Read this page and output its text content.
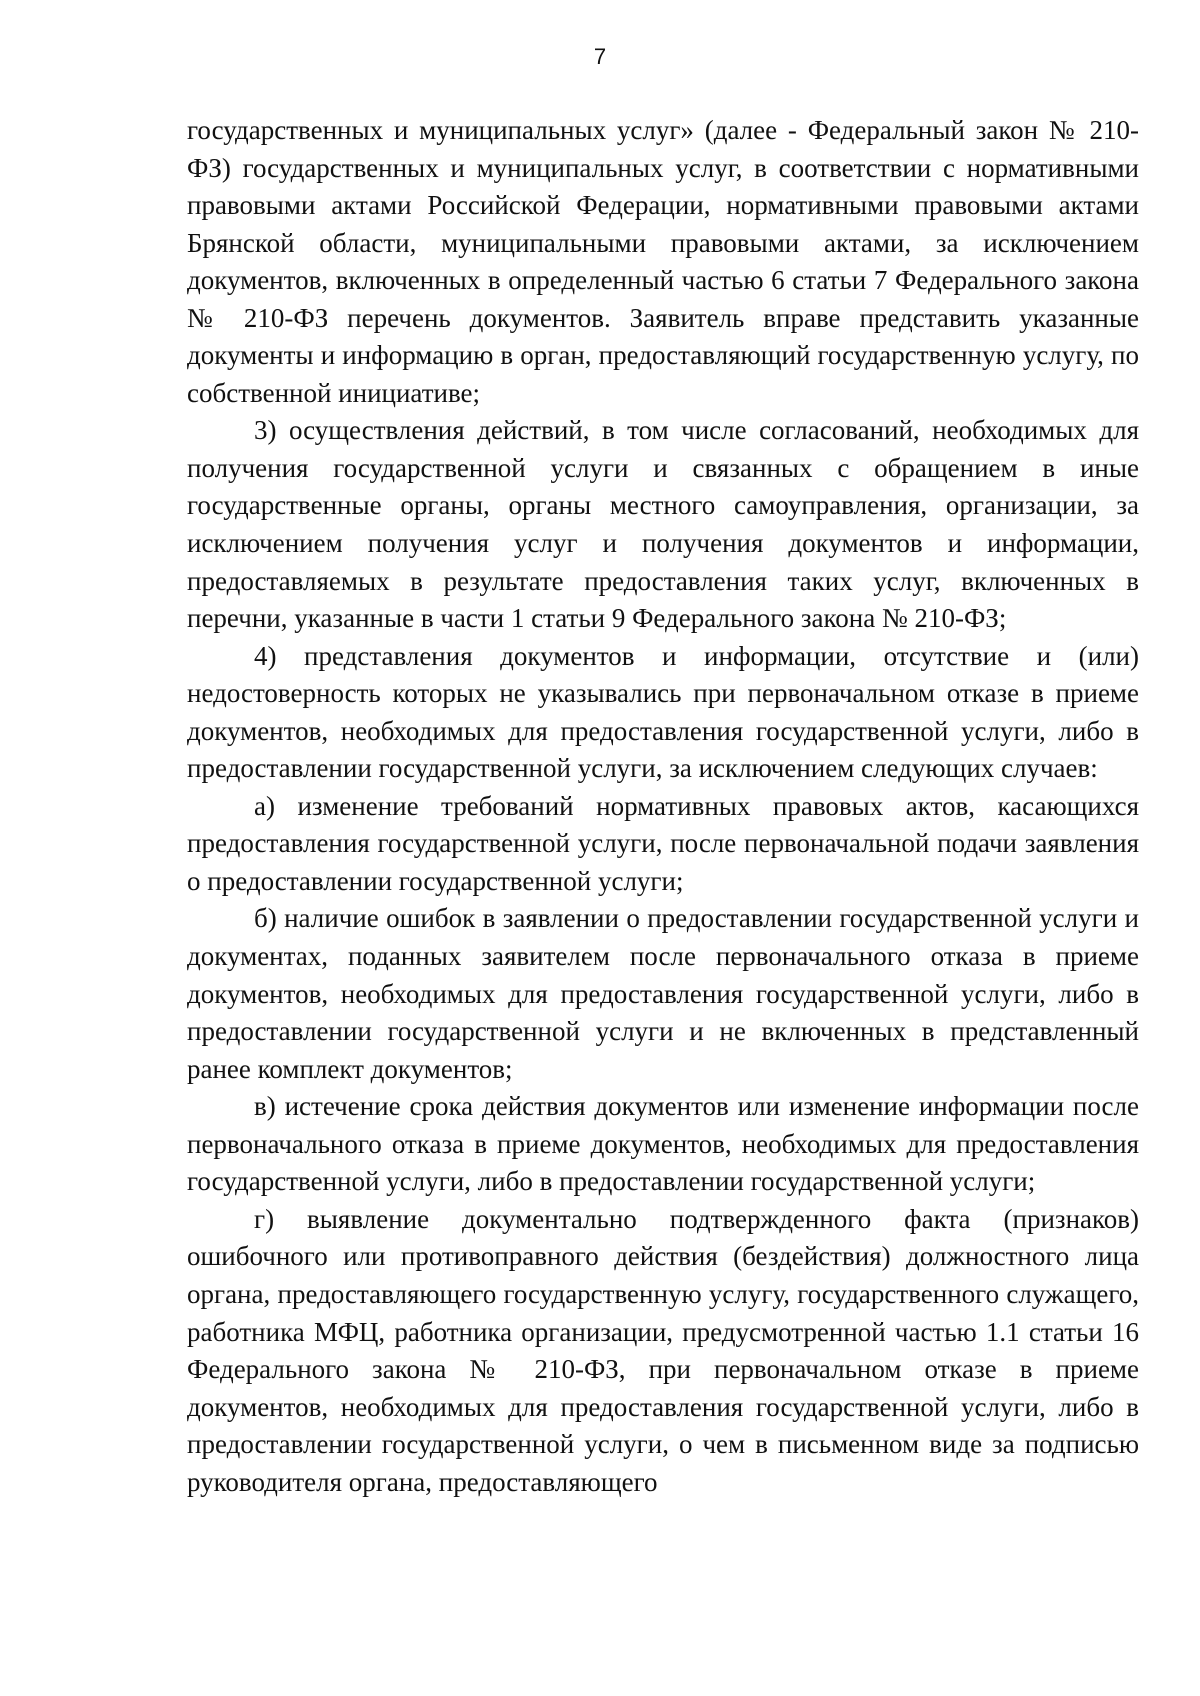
7

государственных и муниципальных услуг» (далее - Федеральный закон № 210-ФЗ) государственных и муниципальных услуг, в соответствии с нормативными правовыми актами Российской Федерации, нормативными правовыми актами Брянской области, муниципальными правовыми актами, за исключением документов, включенных в определенный частью 6 статьи 7 Федерального закона № 210-ФЗ перечень документов. Заявитель вправе представить указанные документы и информацию в орган, предоставляющий государственную услугу, по собственной инициативе;

3) осуществления действий, в том числе согласований, необходимых для получения государственной услуги и связанных с обращением в иные государственные органы, органы местного самоуправления, организации, за исключением получения услуг и получения документов и информации, предоставляемых в результате предоставления таких услуг, включенных в перечни, указанные в части 1 статьи 9 Федерального закона № 210-ФЗ;

4) представления документов и информации, отсутствие и (или) недостоверность которых не указывались при первоначальном отказе в приеме документов, необходимых для предоставления государственной услуги, либо в предоставлении государственной услуги, за исключением следующих случаев:

а) изменение требований нормативных правовых актов, касающихся предоставления государственной услуги, после первоначальной подачи заявления о предоставлении государственной услуги;

б) наличие ошибок в заявлении о предоставлении государственной услуги и документах, поданных заявителем после первоначального отказа в приеме документов, необходимых для предоставления государственной услуги, либо в предоставлении государственной услуги и не включенных в представленный ранее комплект документов;

в) истечение срока действия документов или изменение информации после первоначального отказа в приеме документов, необходимых для предоставления государственной услуги, либо в предоставлении государственной услуги;

г) выявление документально подтвержденного факта (признаков) ошибочного или противоправного действия (бездействия) должностного лица органа, предоставляющего государственную услугу, государственного служащего, работника МФЦ, работника организации, предусмотренной частью 1.1 статьи 16 Федерального закона № 210-ФЗ, при первоначальном отказе в приеме документов, необходимых для предоставления государственной услуги, либо в предоставлении государственной услуги, о чем в письменном виде за подписью руководителя органа, предоставляющего
